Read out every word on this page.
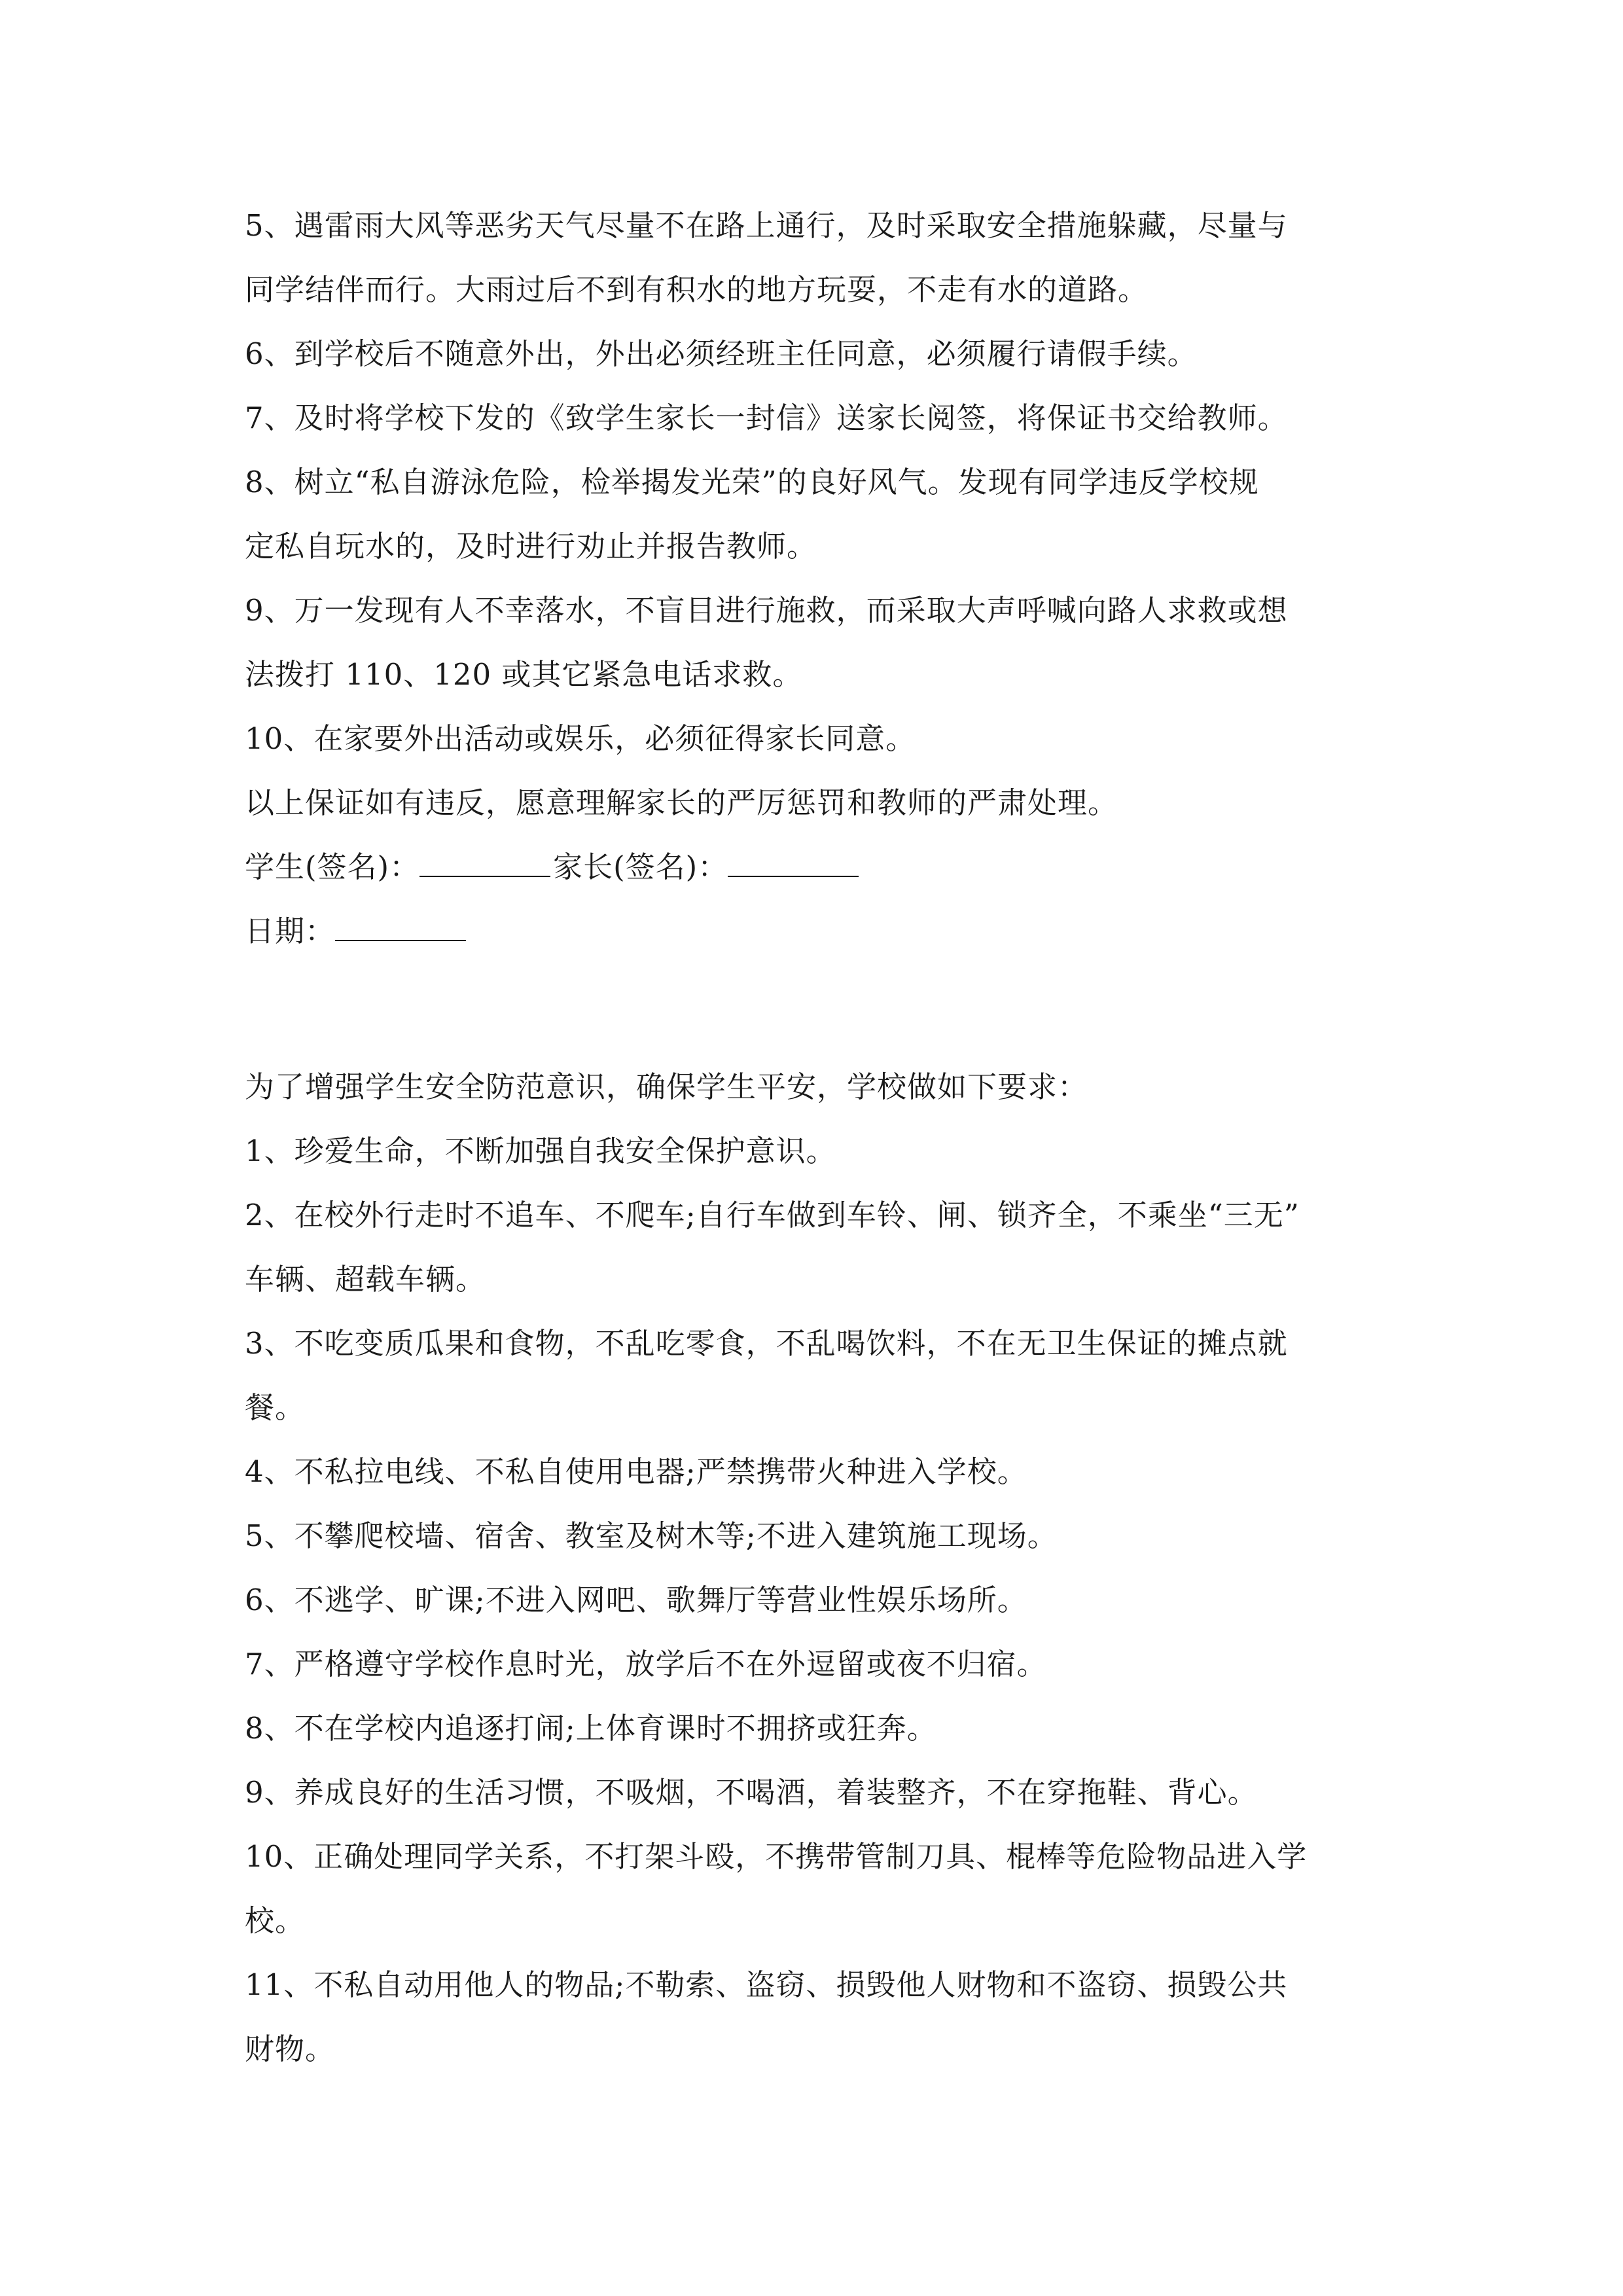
5、遇雷雨大风等恶劣天气尽量不在路上通行，及时采取安全措施躲藏，尽量与
同学结伴而行。大雨过后不到有积水的地方玩耍，不走有水的道路。
6、到学校后不随意外出，外出必须经班主任同意，必须履行请假手续。
7、及时将学校下发的《致学生家长一封信》送家长阅签，将保证书交给教师。
8、树立“私自游泳危险，检举揭发光荣”的良好风气。发现有同学违反学校规
定私自玩水的，及时进行劝止并报告教师。
9、万一发现有人不幸落水，不盲目进行施救，而采取大声呼喊向路人求救或想
法拨打 110、120 或其它紧急电话求救。
10、在家要外出活动或娱乐，必须征得家长同意。
以上保证如有违反，愿意理解家长的严厉惩罚和教师的严肃处理。
学生(签名)：	家长(签名)：
日期：
为了增强学生安全防范意识，确保学生平安，学校做如下要求：
1、珍爱生命，不断加强自我安全保护意识。
2、在校外行走时不追车、不爬车;自行车做到车铃、闸、锁齐全，不乘坐“三无”
车辆、超载车辆。
3、不吃变质瓜果和食物，不乱吃零食，不乱喝饮料，不在无卫生保证的摊点就
餐。
4、不私拉电线、不私自使用电器;严禁携带火种进入学校。
5、不攀爬校墙、宿舍、教室及树木等;不进入建筑施工现场。
6、不逃学、旷课;不进入网吧、歌舞厅等营业性娱乐场所。
7、严格遵守学校作息时光，放学后不在外逗留或夜不归宿。
8、不在学校内追逐打闹;上体育课时不拥挤或狂奔。
9、养成良好的生活习惯，不吸烟，不喝酒，着装整齐，不在穿拖鞋、背心。
10、正确处理同学关系，不打架斗殴，不携带管制刀具、棍棒等危险物品进入学
校。
11、不私自动用他人的物品;不勒索、盗窃、损毁他人财物和不盗窃、损毁公共
财物。
